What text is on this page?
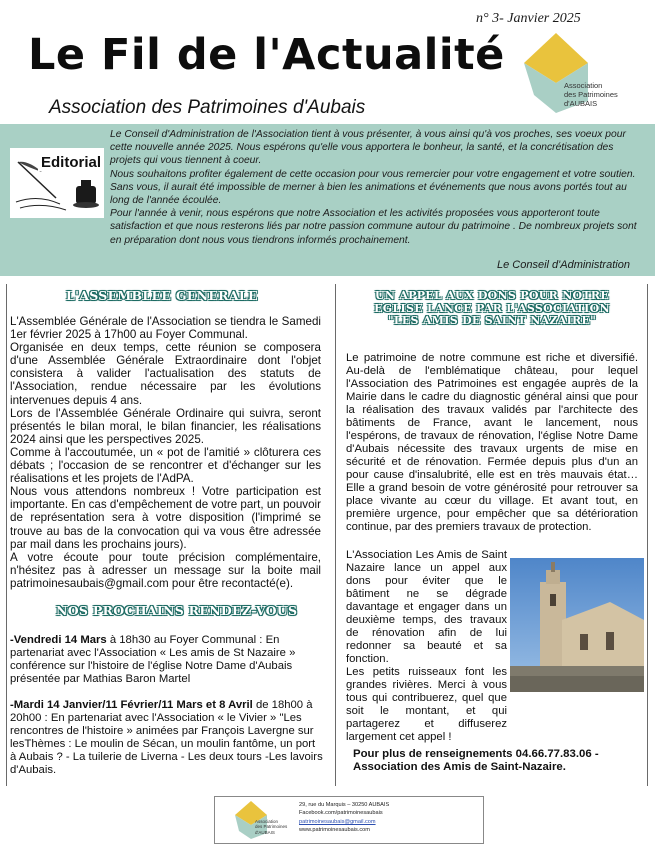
n° 3- Janvier 2025
Le Fil de l'Actualité
Association des Patrimoines d'Aubais
Association
des Patrimoines
d'AUBAIS
Editorial

Le Conseil d'Administration de l'Association tient à vous présenter, à vous ainsi qu'à vos proches, ses voeux pour cette nouvelle année 2025. Nous espérons qu'elle vous apportera le bonheur, la santé, et la concrétisation des projets qui vous tiennent à coeur.

Nous souhaitons profiter également de cette occasion pour vous remercier pour votre engagement et votre soutien. Sans vous, il aurait été impossible de merner à bien les animations et événements que nous avons portés tout au long de l'année écoulée.

Pour l'année à venir, nous espérons que notre Association et les activités proposées vous apporteront toute satisfaction et que nous resterons liés par notre passion commune autour du patrimoine . De nombreux projets sont en préparation dont nous vous tiendrons informés prochainement.

Le Conseil d'Administration
L'ASSEMBLEE GENERALE

L'Assemblée Générale de l'Association se tiendra le Samedi 1er février 2025 à 17h00 au Foyer Communal.

Organisée en deux temps, cette réunion se composera d'une Assemblée Générale Extraordinaire dont l'objet consistera à valider l'actualisation des statuts de l'Association, rendue nécessaire par les évolutions intervenues depuis 4 ans.

Lors de l'Assemblée Générale Ordinaire qui suivra, seront présentés le bilan moral, le bilan financier, les réalisations 2024 ainsi que les perspectives 2025.

Comme à l'accoutumée, un « pot de l'amitié » clôturera ces débats ; l'occasion de se rencontrer et d'échanger sur les réalisations et les projets de l'AdPA.

Nous vous attendons nombreux ! Votre participation est importante. En cas d'empêchement de votre part, un pouvoir de représentation sera à votre disposition (l'imprimé se trouve au bas de la convocation qui va vous être adressée par mail dans les prochains jours).

A votre écoute pour toute précision complémentaire, n'hésitez pas à adresser un message sur la boite mail patrimoinesaubais@gmail.com pour être recontacté(e).

NOS PROCHAINS RENDEZ-VOUS

-Vendredi 14 Mars à 18h30 au Foyer Communal : En partenariat avec l'Association « Les amis de St Nazaire » conférence sur l'histoire de l'église Notre Dame d'Aubais présentée par Mathias Baron Martel

-Mardi 14 Janvier/11 Février/11 Mars et 8 Avril de 18h00 à 20h00 : En partenariat avec l'Association « le Vivier » "Les rencontres de l'histoire » animées par François Lavergne sur lesThèmes : Le moulin de Sécan, un moulin fantôme, un port à Aubais ? - La tuilerie de Liverna - Les deux tours -Les lavoirs d'Aubais.

UN APPEL AUX DONS POUR NOTRE
EGLISE LANCE PAR L'ASSOCIATION
"LES AMIS DE SAINT NAZAIRE"

Le patrimoine de notre commune est riche et diversifié. Au-delà de l'emblématique château, pour lequel l'Association des Patrimoines est engagée auprès de la Mairie dans le cadre du diagnostic général ainsi que pour la réalisation des travaux validés par l'architecte des bâtiments de France, avant le lancement, nous l'espérons, de travaux de rénovation, l'église Notre Dame d'Aubais nécessite des travaux urgents de mise en sécurité et de rénovation. Fermée depuis plus d'un an pour cause d'insalubrité, elle est en très mauvais état… Elle a grand besoin de votre générosité pour retrouver sa place vivante au cœur du village. Et avant tout, en première urgence, pour empêcher que sa détérioration continue, par des premiers travaux de protection.

L'Association Les Amis de Saint Nazaire lance un appel aux dons pour éviter que le bâtiment ne se dégrade davantage et engager dans un deuxième temps, des travaux de rénovation afin de lui redonner sa beauté et sa fonction.

Les petits ruisseaux font les grandes rivières. Merci à vous tous qui contribuerez, quel que soit le montant, et qui partagerez et diffuserez largement cet appel !

Pour plus de renseignements 04.66.77.83.06 - Association des Amis de Saint-Nazaire.
Association
des Patrimoines
d'AUBAIS
29, rue du Marquis – 30250 AUBAIS
Facebook.com/patrimoinesaubais
patrimoinesaubais@gmail.com
www.patrimoinesaubais.com
